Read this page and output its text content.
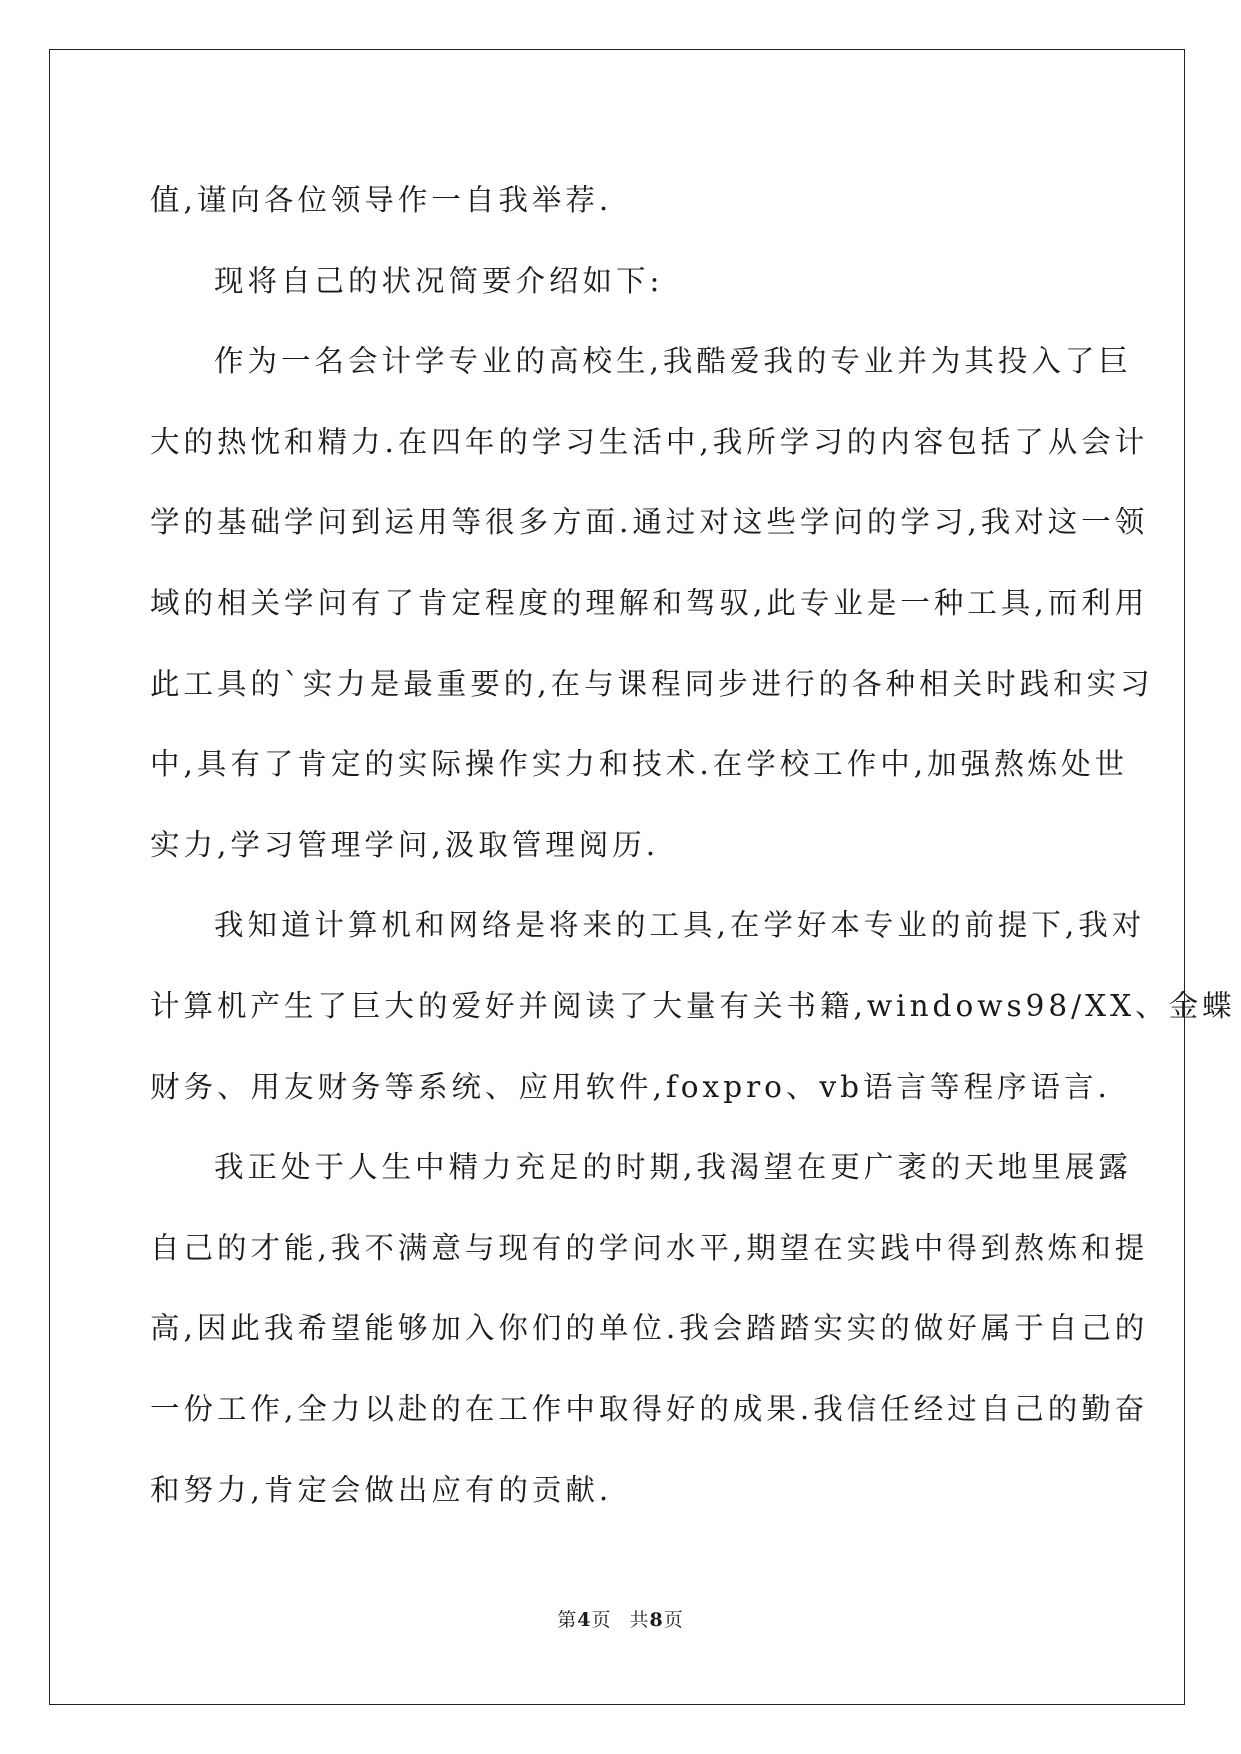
值,谨向各位领导作一自我举荐.
现将自己的状况简要介绍如下:
作为一名会计学专业的高校生,我酷爱我的专业并为其投入了巨
大的热忱和精力.在四年的学习生活中,我所学习的内容包括了从会计
学的基础学问到运用等很多方面.通过对这些学问的学习,我对这一领
域的相关学问有了肯定程度的理解和驾驭,此专业是一种工具,而利用
此工具的`实力是最重要的,在与课程同步进行的各种相关时践和实习
中,具有了肯定的实际操作实力和技术.在学校工作中,加强熬炼处世
实力,学习管理学问,汲取管理阅历.
我知道计算机和网络是将来的工具,在学好本专业的前提下,我对
计算机产生了巨大的爱好并阅读了大量有关书籍,windows98/XX、金蝶
财务、用友财务等系统、应用软件,foxpro、vb语言等程序语言.
我正处于人生中精力充足的时期,我渴望在更广袤的天地里展露
自己的才能,我不满意与现有的学问水平,期望在实践中得到熬炼和提
高,因此我希望能够加入你们的单位.我会踏踏实实的做好属于自己的
一份工作,全力以赴的在工作中取得好的成果.我信任经过自己的勤奋
和努力,肯定会做出应有的贡献.
第4页 共8页
